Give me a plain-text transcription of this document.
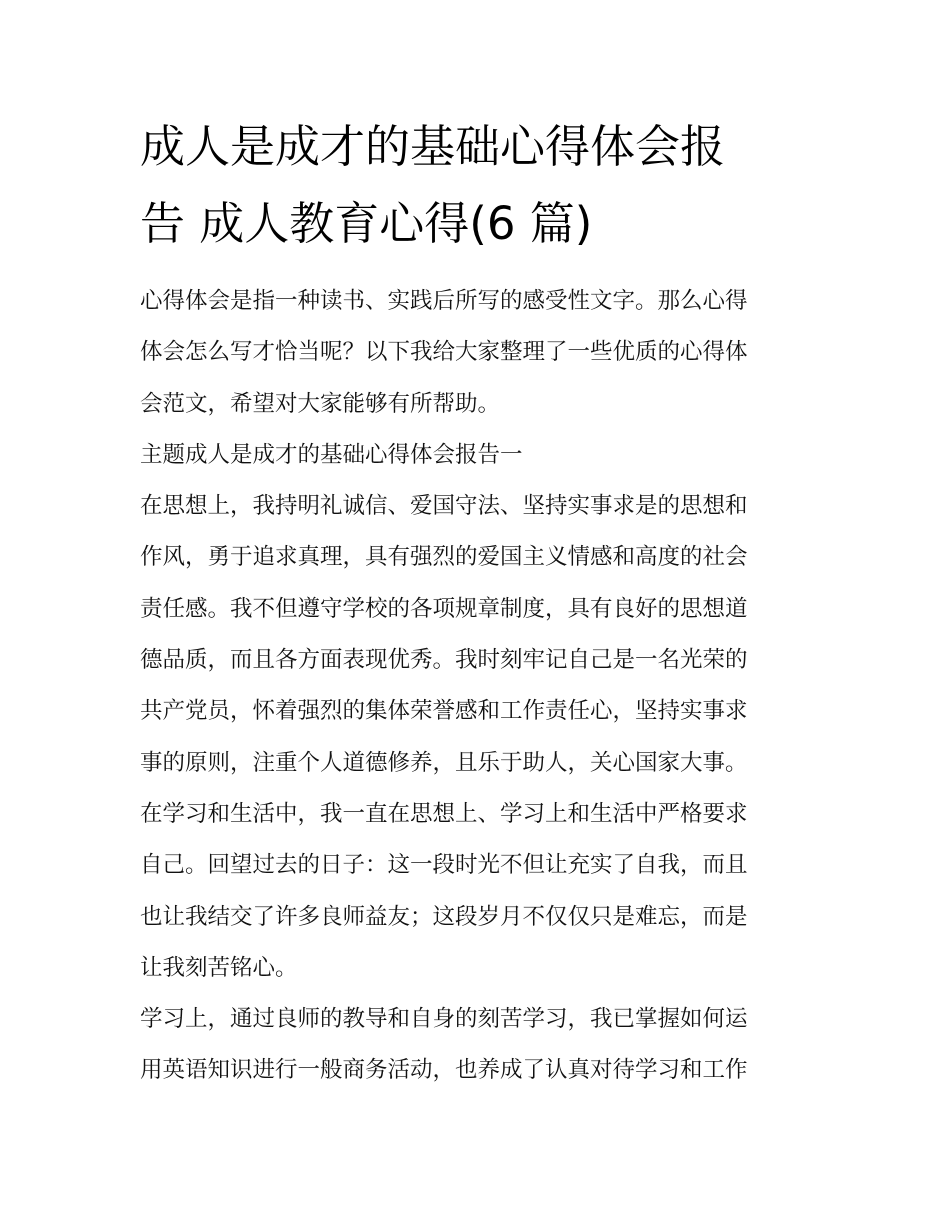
成人是成才的基础心得体会报
告 成人教育心得(6 篇)

心得体会是指一种读书、实践后所写的感受性文字。那么心得
体会怎么写才恰当呢？以下我给大家整理了一些优质的心得体
会范文，希望对大家能够有所帮助。

主题成人是成才的基础心得体会报告一

在思想上，我持明礼诚信、爱国守法、坚持实事求是的思想和
作风，勇于追求真理，具有强烈的爱国主义情感和高度的社会
责任感。我不但遵守学校的各项规章制度，具有良好的思想道
德品质，而且各方面表现优秀。我时刻牢记自己是一名光荣的
共产党员，怀着强烈的集体荣誉感和工作责任心，坚持实事求
事的原则，注重个人道德修养，且乐于助人，关心国家大事。
在学习和生活中，我一直在思想上、学习上和生活中严格要求
自己。回望过去的日子：这一段时光不但让充实了自我，而且
也让我结交了许多良师益友；这段岁月不仅仅只是难忘，而是
让我刻苦铭心。

学习上，通过良师的教导和自身的刻苦学习，我已掌握如何运
用英语知识进行一般商务活动，也养成了认真对待学习和工作
